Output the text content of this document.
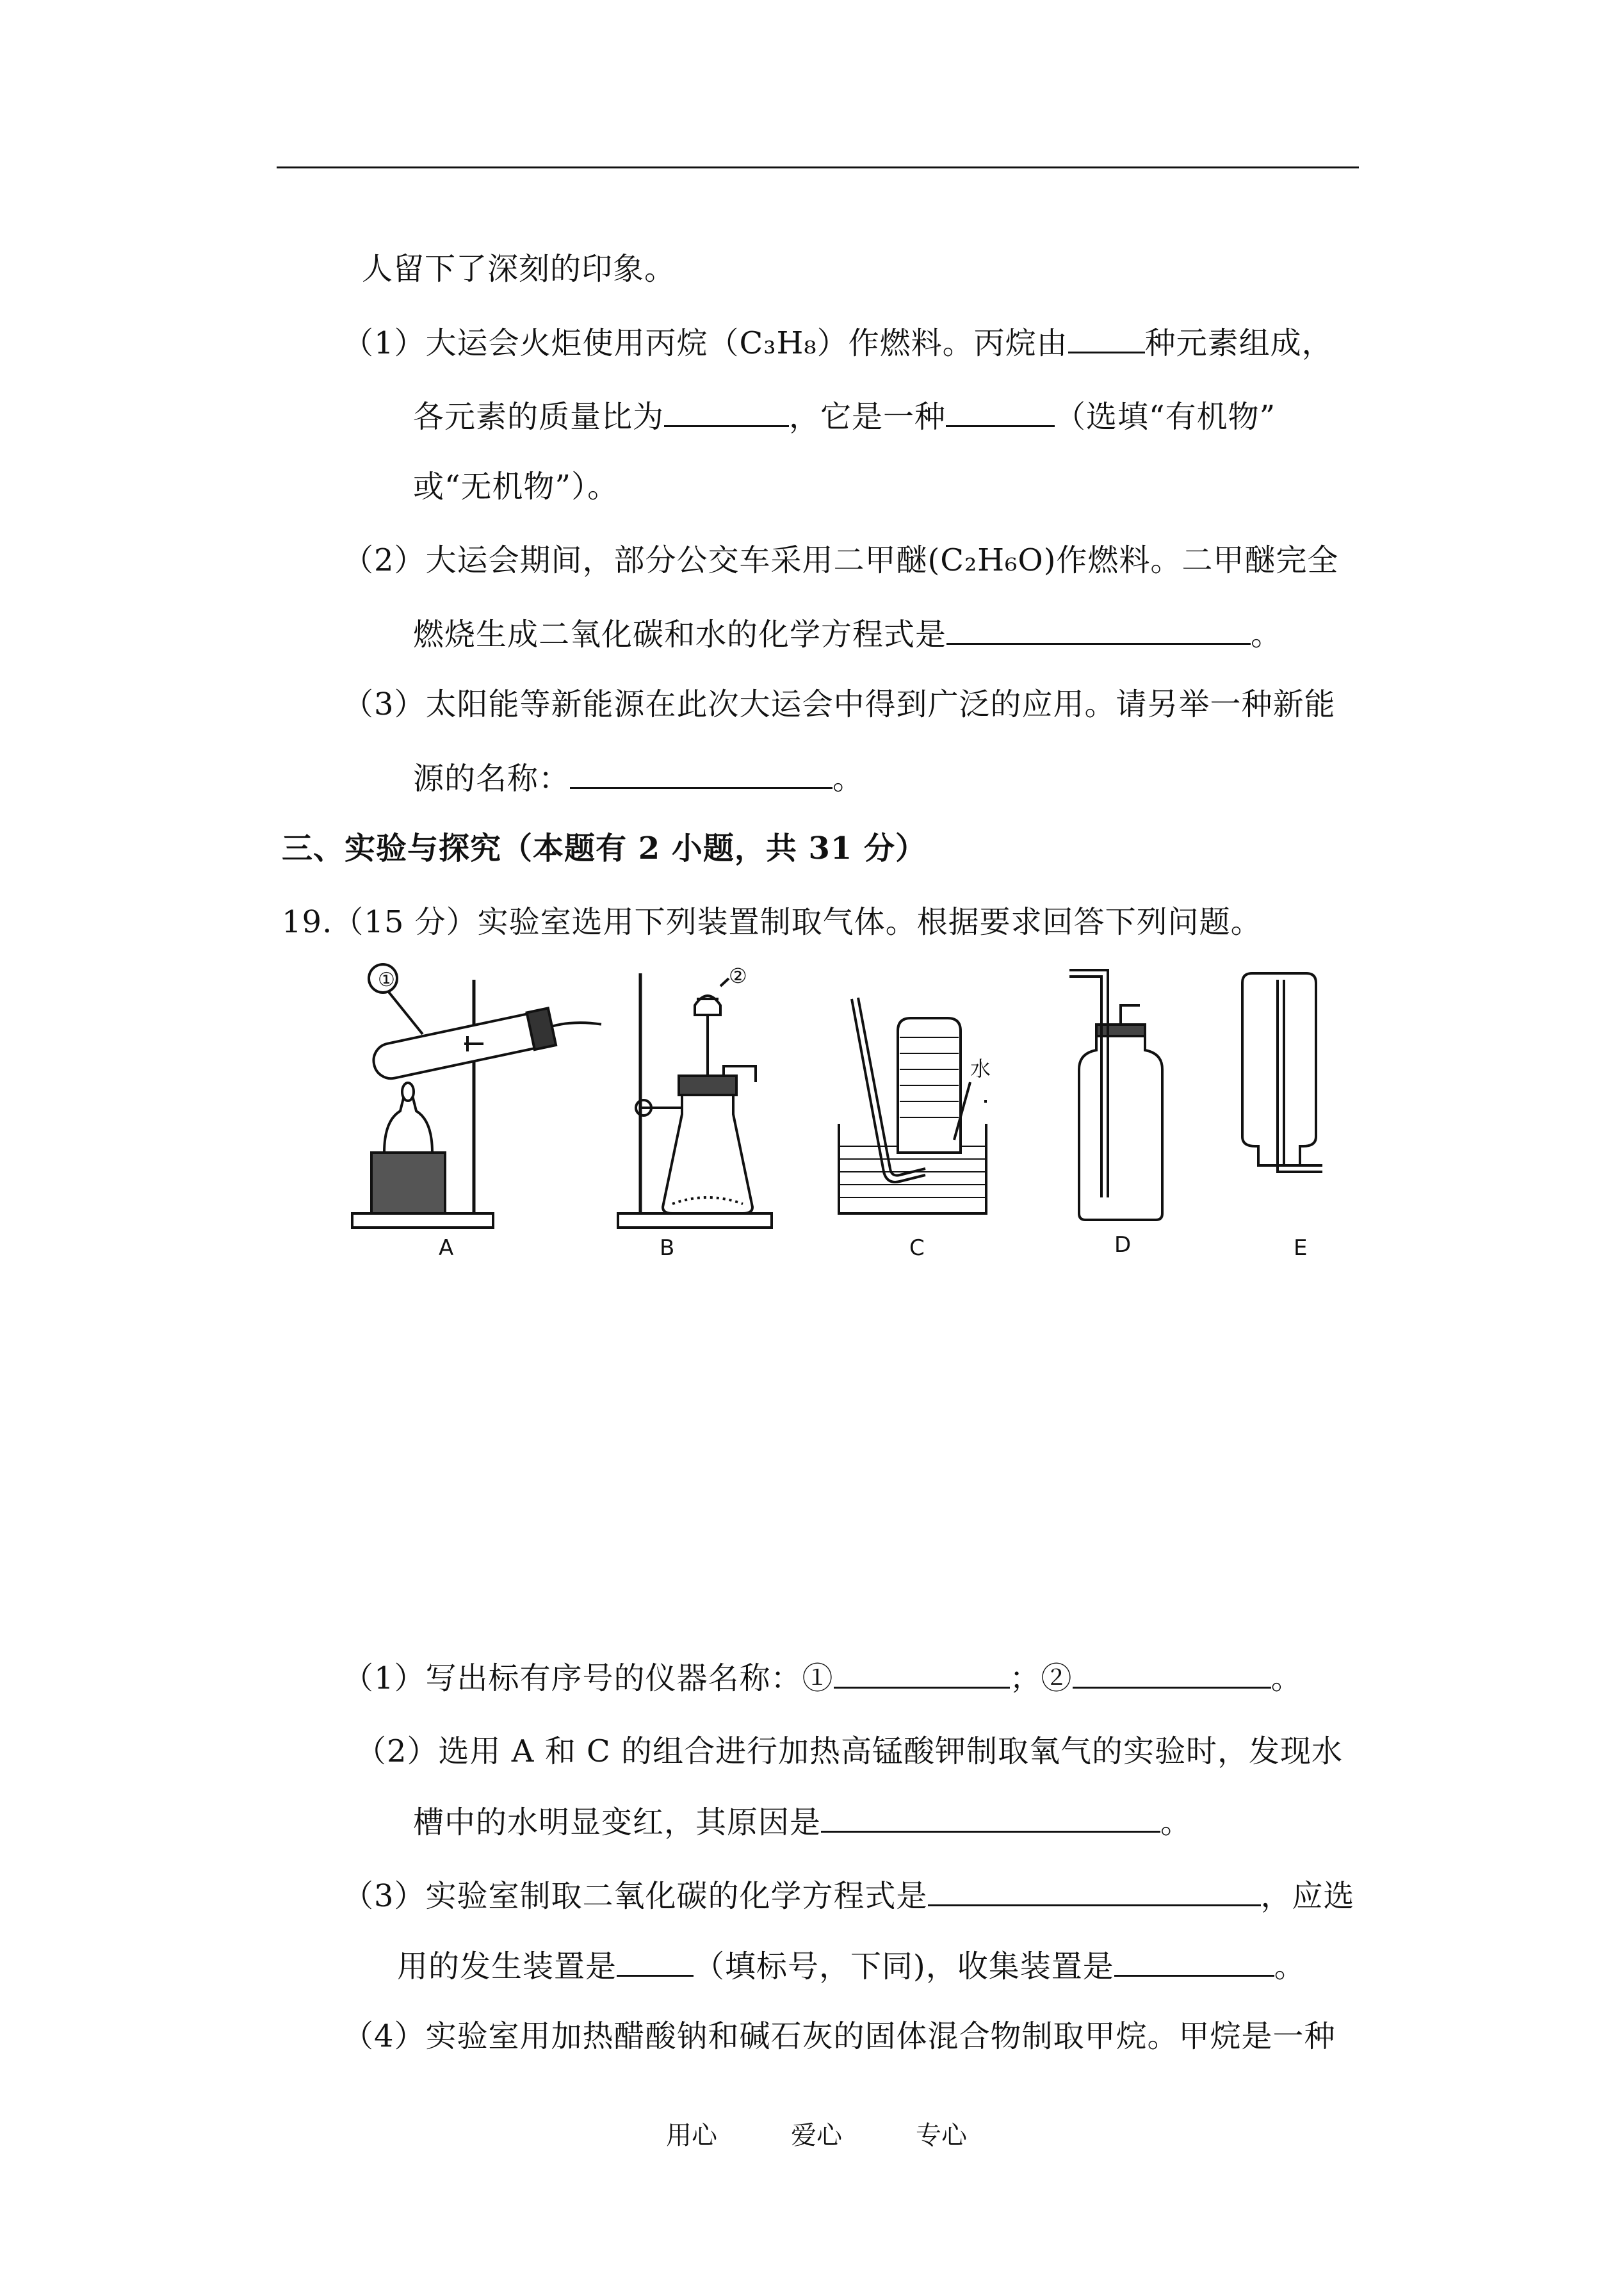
人留下了深刻的印象。
（1）大运会火炬使用丙烷（C₃H₈）作燃料。丙烷由	种元素组成，
各元素的质量比为	，它是一种	（选填“有机物”
或“无机物”）。
（2）大运会期间，部分公交车采用二甲醚(C₂H₆O)作燃料。二甲醚完全
燃烧生成二氧化碳和水的化学方程式是	。
（3）太阳能等新能源在此次大运会中得到广泛的应用。请另举一种新能
源的名称：	。
三、实验与探究（本题有 2 小题，共 31 分）
19.（15 分）实验室选用下列装置制取气体。根据要求回答下列问题。
①	②
水
A	B	C	D	E
（1）写出标有序号的仪器名称：①	；②	。
（2）选用 A 和 C 的组合进行加热高锰酸钾制取氧气的实验时，发现水
槽中的水明显变红，其原因是	。
（3）实验室制取二氧化碳的化学方程式是	，应选
用的发生装置是	（填标号，下同)，收集装置是	。
（4）实验室用加热醋酸钠和碱石灰的固体混合物制取甲烷。甲烷是一种
用心	爱心	专心
